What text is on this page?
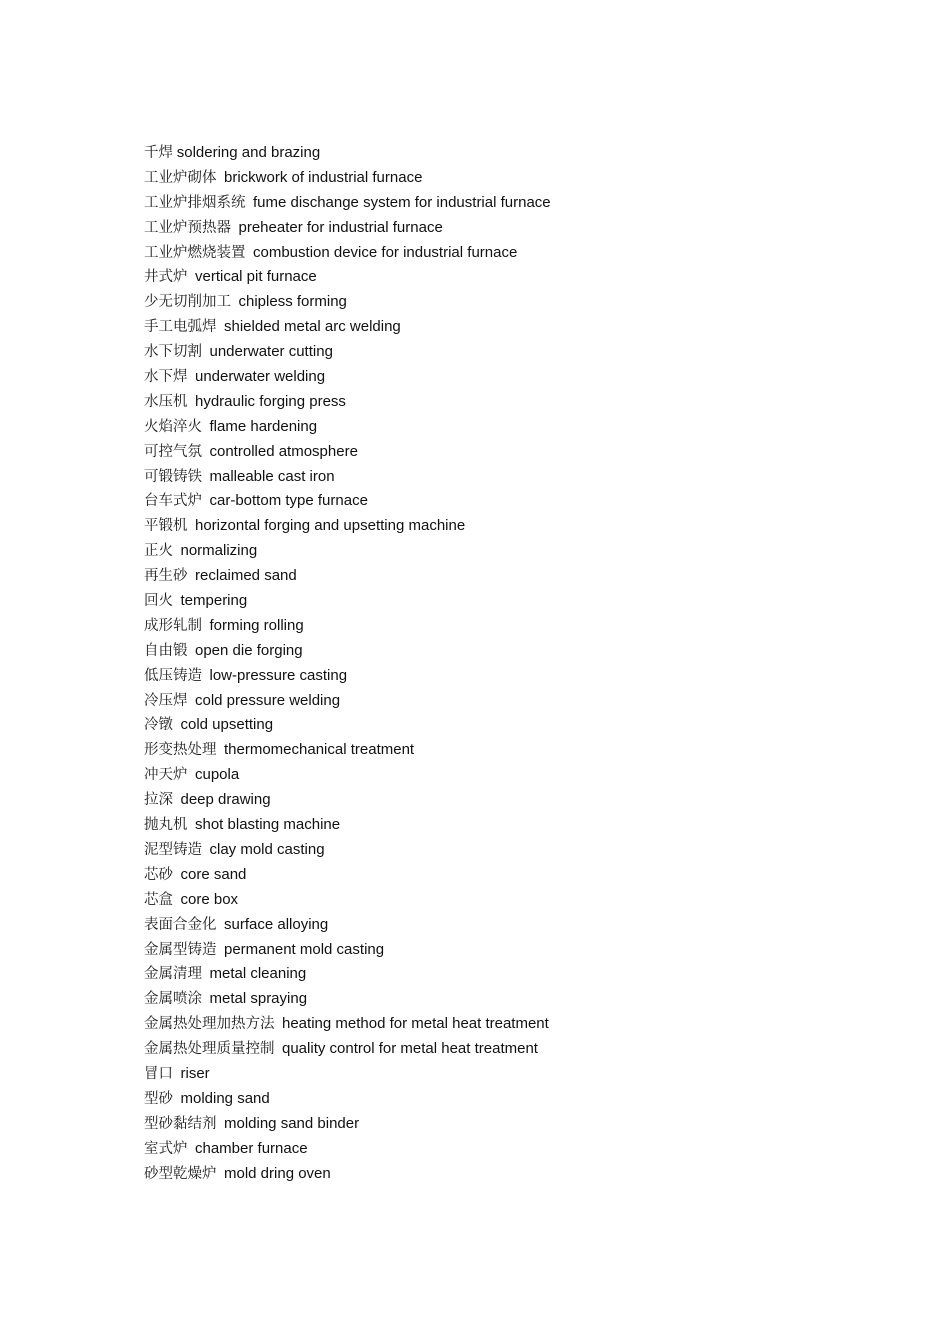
千焊 soldering and brazing
工业炉砌体 brickwork of industrial furnace
工业炉排烟系统 fume dischange system for industrial furnace
工业炉预热器 preheater for industrial furnace
工业炉燃烧装置 combustion device for industrial furnace
井式炉 vertical pit furnace
少无切削加工 chipless forming
手工电弧焊 shielded metal arc welding
水下切割 underwater cutting
水下焊 underwater welding
水压机 hydraulic forging press
火焰淬火 flame hardening
可控气氛 controlled atmosphere
可锻铸铁 malleable cast iron
台车式炉 car-bottom type furnace
平锻机 horizontal forging and upsetting machine
正火 normalizing
再生砂 reclaimed sand
回火 tempering
成形轧制 forming rolling
自由锻 open die forging
低压铸造 low-pressure casting
冷压焊 cold pressure welding
冷镦 cold upsetting
形变热处理 thermomechanical treatment
冲天炉 cupola
拉深 deep drawing
抛丸机 shot blasting machine
泥型铸造 clay mold casting
芯砂 core sand
芯盒 core box
表面合金化 surface alloying
金属型铸造 permanent mold casting
金属清理 metal cleaning
金属喷涂 metal spraying
金属热处理加热方法 heating method for metal heat treatment
金属热处理质量控制 quality control for metal heat treatment
冒口 riser
型砂 molding sand
型砂黏结剂 molding sand binder
室式炉 chamber furnace
砂型乾燥炉 mold dring oven
